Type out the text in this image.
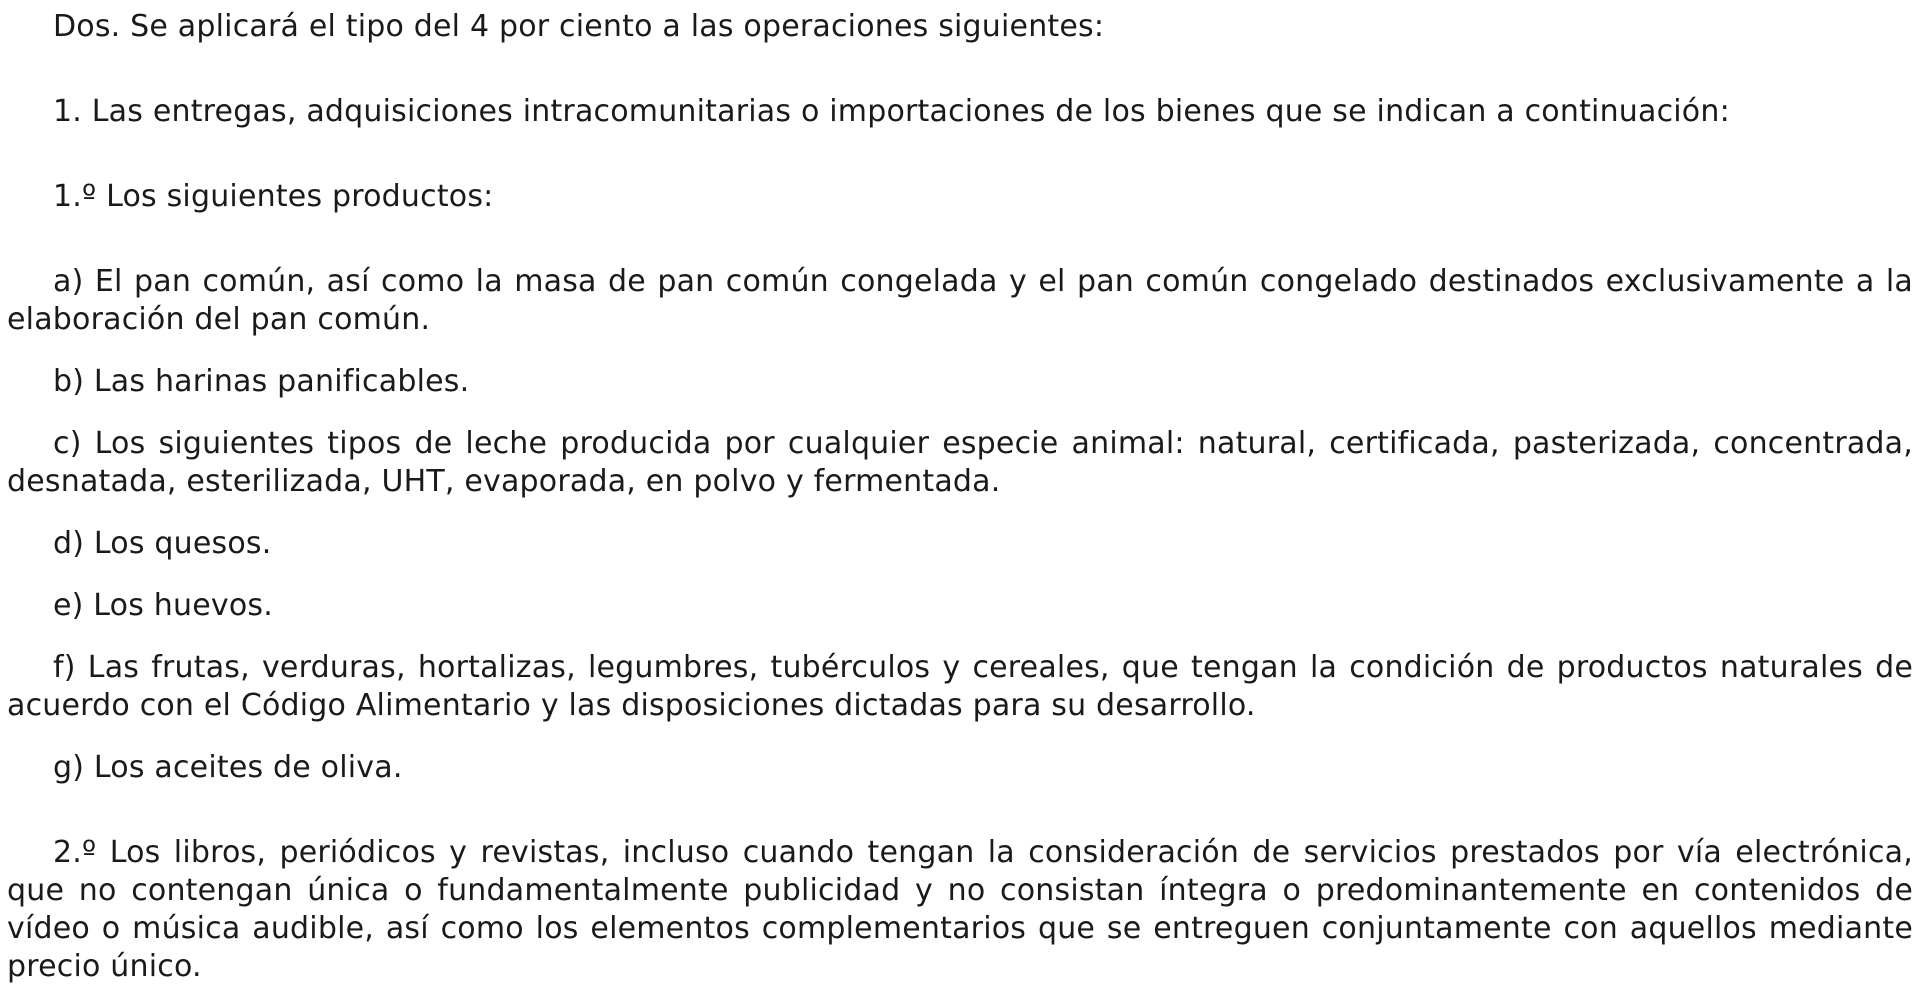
Dos. Se aplicará el tipo del 4 por ciento a las operaciones siguientes:

1. Las entregas, adquisiciones intracomunitarias o importaciones de los bienes que se indican a continuación:

1.º Los siguientes productos:

a) El pan común, así como la masa de pan común congelada y el pan común congelado destinados exclusivamente a la elaboración del pan común.

b) Las harinas panificables.

c) Los siguientes tipos de leche producida por cualquier especie animal: natural, certificada, pasterizada, concentrada, desnatada, esterilizada, UHT, evaporada, en polvo y fermentada.

d) Los quesos.

e) Los huevos.

f) Las frutas, verduras, hortalizas, legumbres, tubérculos y cereales, que tengan la condición de productos naturales de acuerdo con el Código Alimentario y las disposiciones dictadas para su desarrollo.

g) Los aceites de oliva.

2.º Los libros, periódicos y revistas, incluso cuando tengan la consideración de servicios prestados por vía electrónica, que no contengan única o fundamentalmente publicidad y no consistan íntegra o predominantemente en contenidos de vídeo o música audible, así como los elementos complementarios que se entreguen conjuntamente con aquellos mediante precio único.
